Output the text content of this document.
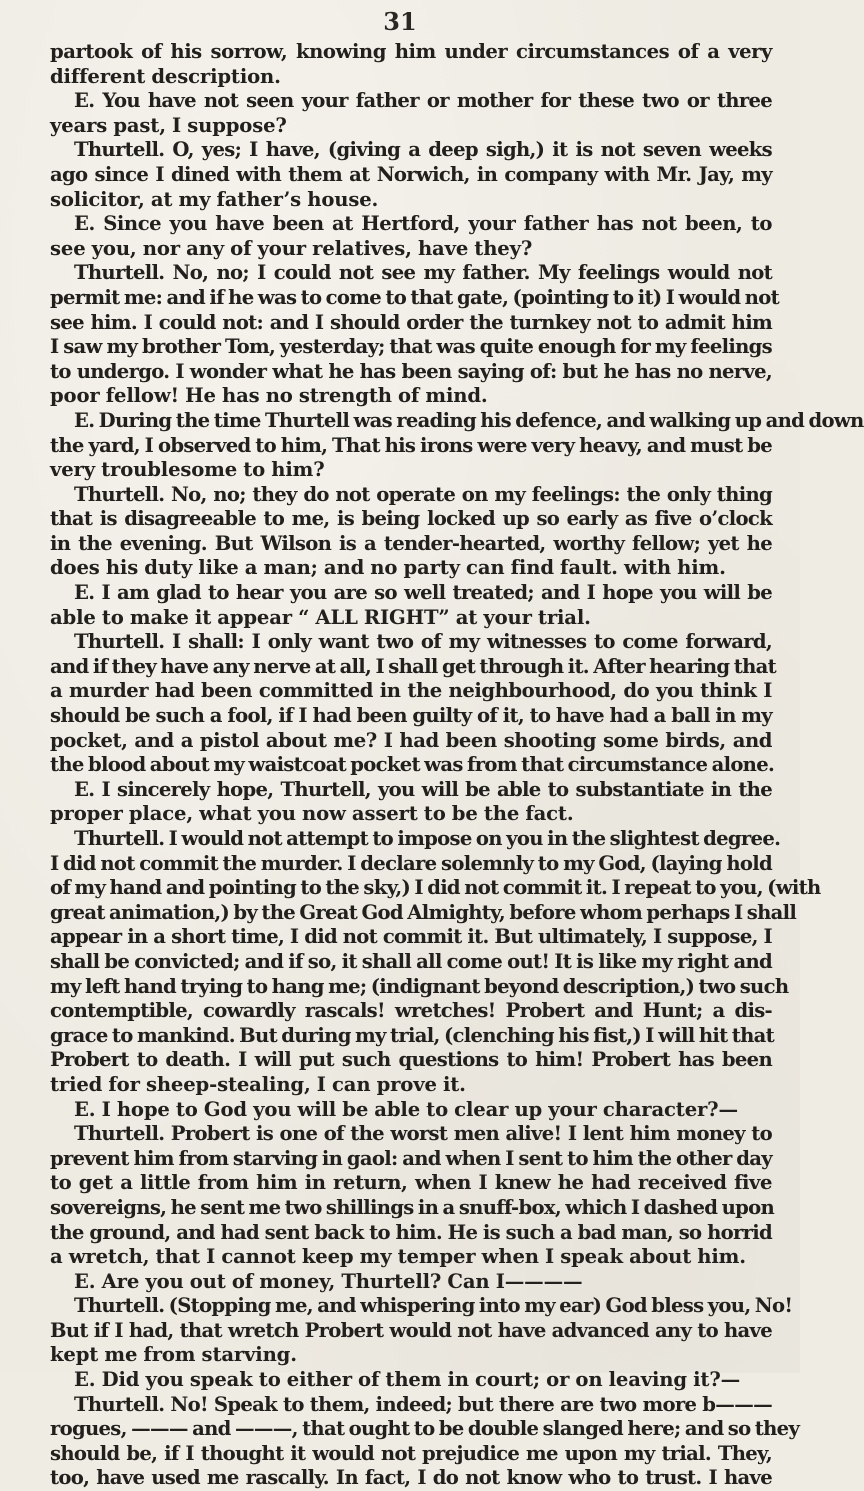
31
partook of his sorrow, knowing him under circumstances of a very
different description.
E. You have not seen your father or mother for these two or three
years past, I suppose?
Thurtell. O, yes; I have, (giving a deep sigh,) it is not seven weeks
ago since I dined with them at Norwich, in company with Mr. Jay, my
solicitor, at my father’s house.
E. Since you have been at Hertford, your father has not been, to
see you, nor any of your relatives, have they?
Thurtell. No, no; I could not see my father. My feelings would not
permit me: and if he was to come to that gate, (pointing to it) I would not
see him. I could not: and I should order the turnkey not to admit him
I saw my brother Tom, yesterday; that was quite enough for my feelings
to undergo. I wonder what he has been saying of: but he has no nerve,
poor fellow! He has no strength of mind.
E. During the time Thurtell was reading his defence, and walking up and down
the yard, I observed to him, That his irons were very heavy, and must be
very troublesome to him?
Thurtell. No, no; they do not operate on my feelings: the only thing
that is disagreeable to me, is being locked up so early as five o’clock
in the evening. But Wilson is a tender-hearted, worthy fellow; yet he
does his duty like a man; and no party can find fault. with him.
E. I am glad to hear you are so well treated; and I hope you will be
able to make it appear “ ALL RIGHT” at your trial.
Thurtell. I shall: I only want two of my witnesses to come forward,
and if they have any nerve at all, I shall get through it. After hearing that
a murder had been committed in the neighbourhood, do you think I
should be such a fool, if I had been guilty of it, to have had a ball in my
pocket, and a pistol about me? I had been shooting some birds, and
the blood about my waistcoat pocket was from that circumstance alone.
E. I sincerely hope, Thurtell, you will be able to substantiate in the
proper place, what you now assert to be the fact.
Thurtell. I would not attempt to impose on you in the slightest degree.
I did not commit the murder. I declare solemnly to my God, (laying hold
of my hand and pointing to the sky,) I did not commit it. I repeat to you, (with
great animation,) by the Great God Almighty, before whom perhaps I shall
appear in a short time, I did not commit it. But ultimately, I suppose, I
shall be convicted; and if so, it shall all come out! It is like my right and
my left hand trying to hang me; (indignant beyond description,) two such
contemptible, cowardly rascals! wretches! Probert and Hunt; a dis-
grace to mankind. But during my trial, (clenching his fist,) I will hit that
Probert to death. I will put such questions to him! Probert has been
tried for sheep-stealing, I can prove it.
E. I hope to God you will be able to clear up your character?—
Thurtell. Probert is one of the worst men alive! I lent him money to
prevent him from starving in gaol: and when I sent to him the other day
to get a little from him in return, when I knew he had received five
sovereigns, he sent me two shillings in a snuff-box, which I dashed upon
the ground, and had sent back to him. He is such a bad man, so horrid
a wretch, that I cannot keep my temper when I speak about him.
E. Are you out of money, Thurtell? Can I————
Thurtell. (Stopping me, and whispering into my ear) God bless you, No!
But if I had, that wretch Probert would not have advanced any to have
kept me from starving.
E. Did you speak to either of them in court; or on leaving it?—
Thurtell. No! Speak to them, indeed; but there are two more b———
rogues, ——— and ———, that ought to be double slanged here; and so they
should be, if I thought it would not prejudice me upon my trial. They,
too, have used me rascally. In fact, I do not know who to trust. I have
